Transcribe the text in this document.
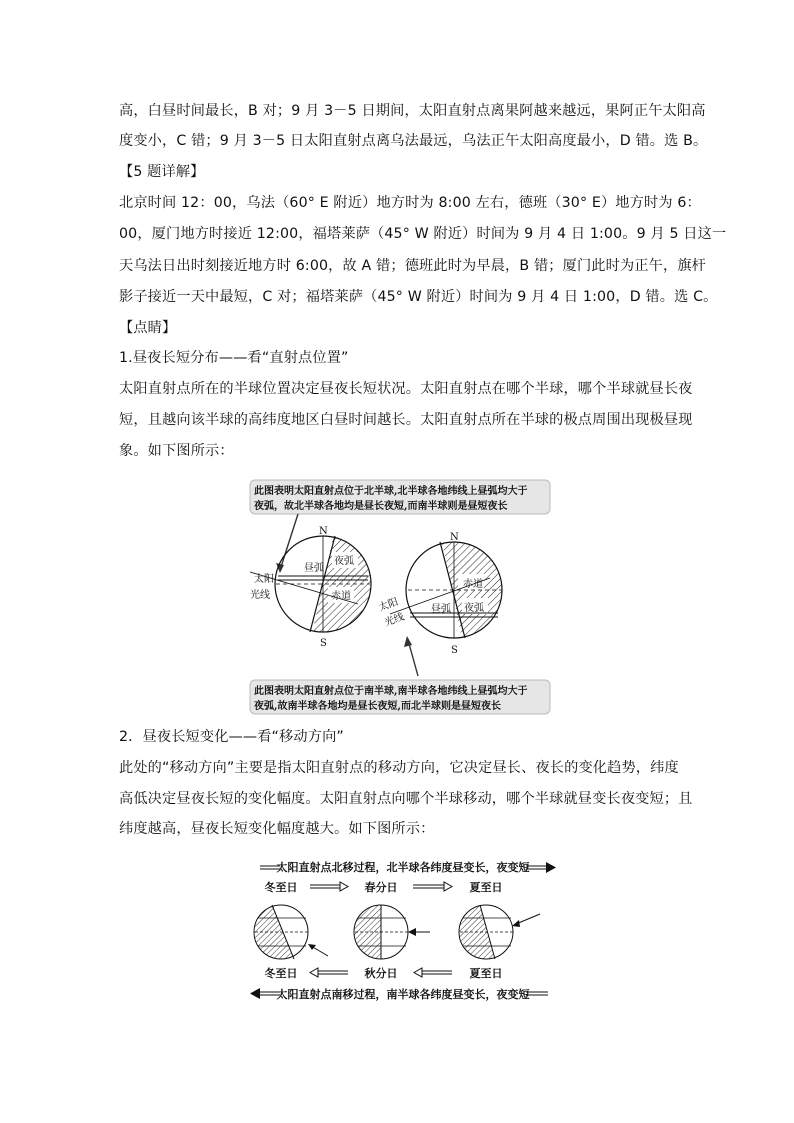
高，白昼时间最长，B 对；9 月 3－5 日期间，太阳直射点离果阿越来越远，果阿正午太阳高
度变小，C 错；9 月 3－5 日太阳直射点离乌法最远，乌法正午太阳高度最小，D 错。选 B。
【5 题详解】
北京时间 12：00，乌法（60° E 附近）地方时为 8:00 左右，德班（30° E）地方时为 6：
00，厦门地方时接近 12:00，福塔莱萨（45° W 附近）时间为 9 月 4 日 1:00。9 月 5 日这一
天乌法日出时刻接近地方时 6:00，故 A 错；德班此时为早晨，B 错；厦门此时为正午，旗杆
影子接近一天中最短，C 对；福塔莱萨（45° W 附近）时间为 9 月 4 日 1:00，D 错。选 C。
【点睛】
1.昼夜长短分布——看“直射点位置”
太阳直射点所在的半球位置决定昼夜长短状况。太阳直射点在哪个半球，哪个半球就昼长夜
短，且越向该半球的高纬度地区白昼时间越长。太阳直射点所在半球的极点周围出现极昼现
象。如下图所示：
此图表明太阳直射点位于北半球,北半球各地纬线上昼弧均大于
夜弧，故北半球各地均是昼长夜短,而南半球则是昼短夜长
N
S
昼弧
夜弧
赤道
太阳
光线
N
S
昼弧 夜弧
赤道
太阳
光线
此图表明太阳直射点位于南半球,南半球各地纬线上昼弧均大于
夜弧,故南半球各地均是昼长夜短,而北半球则是昼短夜长
2．昼夜长短变化——看“移动方向”
此处的“移动方向”主要是指太阳直射点的移动方向，它决定昼长、夜长的变化趋势，纬度
高低决定昼夜长短的变化幅度。太阳直射点向哪个半球移动，哪个半球就昼变长夜变短；且
纬度越高，昼夜长短变化幅度越大。如下图所示：
太阳直射点北移过程，北半球各纬度昼变长，夜变短
冬至日	春分日	夏至日
冬至日	秋分日	夏至日
太阳直射点南移过程，南半球各纬度昼变长，夜变短
